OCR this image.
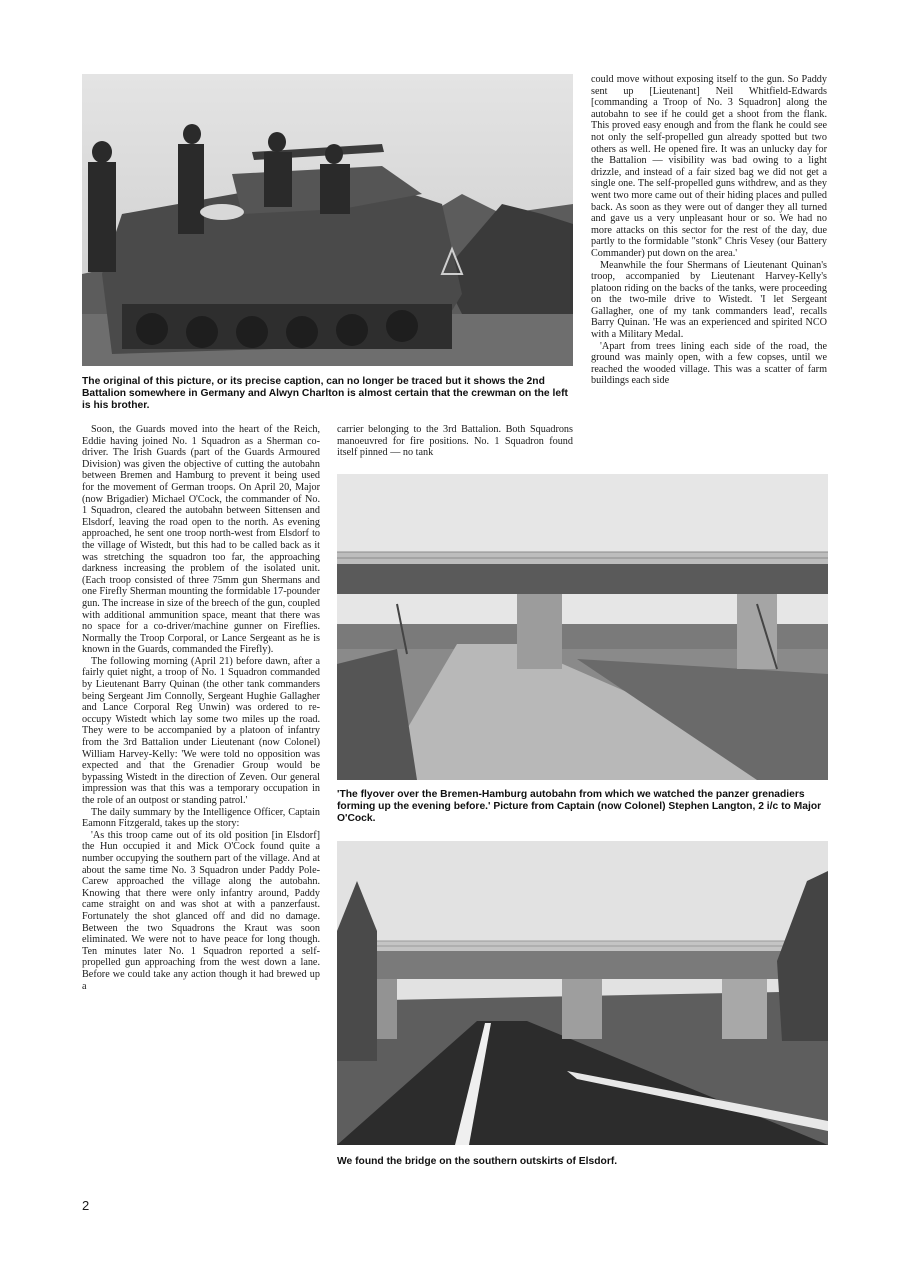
The original of this picture, or its precise caption, can no longer be traced but it shows the 2nd Battalion somewhere in Germany and Alwyn Charlton is almost certain that the crewman on the left is his brother.

Soon, the Guards moved into the heart of the Reich, Eddie having joined No. 1 Squadron as a Sherman co-driver. The Irish Guards (part of the Guards Armoured Division) was given the objective of cutting the autobahn between Bremen and Hamburg to prevent it being used for the movement of German troops. On April 20, Major (now Brigadier) Michael O'Cock, the commander of No. 1 Squadron, cleared the autobahn between Sittensen and Elsdorf, leaving the road open to the north. As evening approached, he sent one troop north-west from Elsdorf to the village of Wistedt, but this had to be called back as it was stretching the squadron too far, the approaching darkness increasing the problem of the isolated unit. (Each troop consisted of three 75mm gun Shermans and one Firefly Sherman mounting the formidable 17-pounder gun. The increase in size of the breech of the gun, coupled with additional ammunition space, meant that there was no space for a co-driver/machine gunner on Fireflies. Normally the Troop Corporal, or Lance Sergeant as he is known in the Guards, commanded the Firefly).

The following morning (April 21) before dawn, after a fairly quiet night, a troop of No. 1 Squadron commanded by Lieutenant Barry Quinan (the other tank commanders being Sergeant Jim Connolly, Sergeant Hughie Gallagher and Lance Corporal Reg Unwin) was ordered to re-occupy Wistedt which lay some two miles up the road. They were to be accompanied by a platoon of infantry from the 3rd Battalion under Lieutenant (now Colonel) William Harvey-Kelly: 'We were told no opposition was expected and that the Grenadier Group would be bypassing Wistedt in the direction of Zeven. Our general impression was that this was a temporary occupation in the role of an outpost or standing patrol.'

The daily summary by the Intelligence Officer, Captain Eamonn Fitzgerald, takes up the story:

'As this troop came out of its old position [in Elsdorf] the Hun occupied it and Mick O'Cock found quite a number occupying the southern part of the village. And at about the same time No. 3 Squadron under Paddy Pole-Carew approached the village along the autobahn. Knowing that there were only infantry around, Paddy came straight on and was shot at with a panzerfaust. Fortunately the shot glanced off and did no damage. Between the two Squadrons the Kraut was soon eliminated. We were not to have peace for long though. Ten minutes later No. 1 Squadron reported a self-propelled gun approaching from the west down a lane. Before we could take any action though it had brewed up a

carrier belonging to the 3rd Battalion. Both Squadrons manoeuvred for fire positions. No. 1 Squadron found itself pinned — no tank

could move without exposing itself to the gun. So Paddy sent up [Lieutenant] Neil Whitfield-Edwards [commanding a Troop of No. 3 Squadron] along the autobahn to see if he could get a shoot from the flank. This proved easy enough and from the flank he could see not only the self-propelled gun already spotted but two others as well. He opened fire. It was an unlucky day for the Battalion — visibility was bad owing to a light drizzle, and instead of a fair sized bag we did not get a single one. The self-propelled guns withdrew, and as they went two more came out of their hiding places and pulled back. As soon as they were out of danger they all turned and gave us a very unpleasant hour or so. We had no more attacks on this sector for the rest of the day, due partly to the formidable "stonk" Chris Vesey (our Battery Commander) put down on the area.'

Meanwhile the four Shermans of Lieutenant Quinan's troop, accompanied by Lieutenant Harvey-Kelly's platoon riding on the backs of the tanks, were proceeding on the two-mile drive to Wistedt. 'I let Sergeant Gallagher, one of my tank commanders lead', recalls Barry Quinan. 'He was an experienced and spirited NCO with a Military Medal.

'Apart from trees lining each side of the road, the ground was mainly open, with a few copses, until we reached the wooded village. This was a scatter of farm buildings each side

'The flyover over the Bremen-Hamburg autobahn from which we watched the panzer grenadiers forming up the evening before.' Picture from Captain (now Colonel) Stephen Langton, 2 i/c to Major O'Cock.
We found the bridge on the southern outskirts of Elsdorf.
2
